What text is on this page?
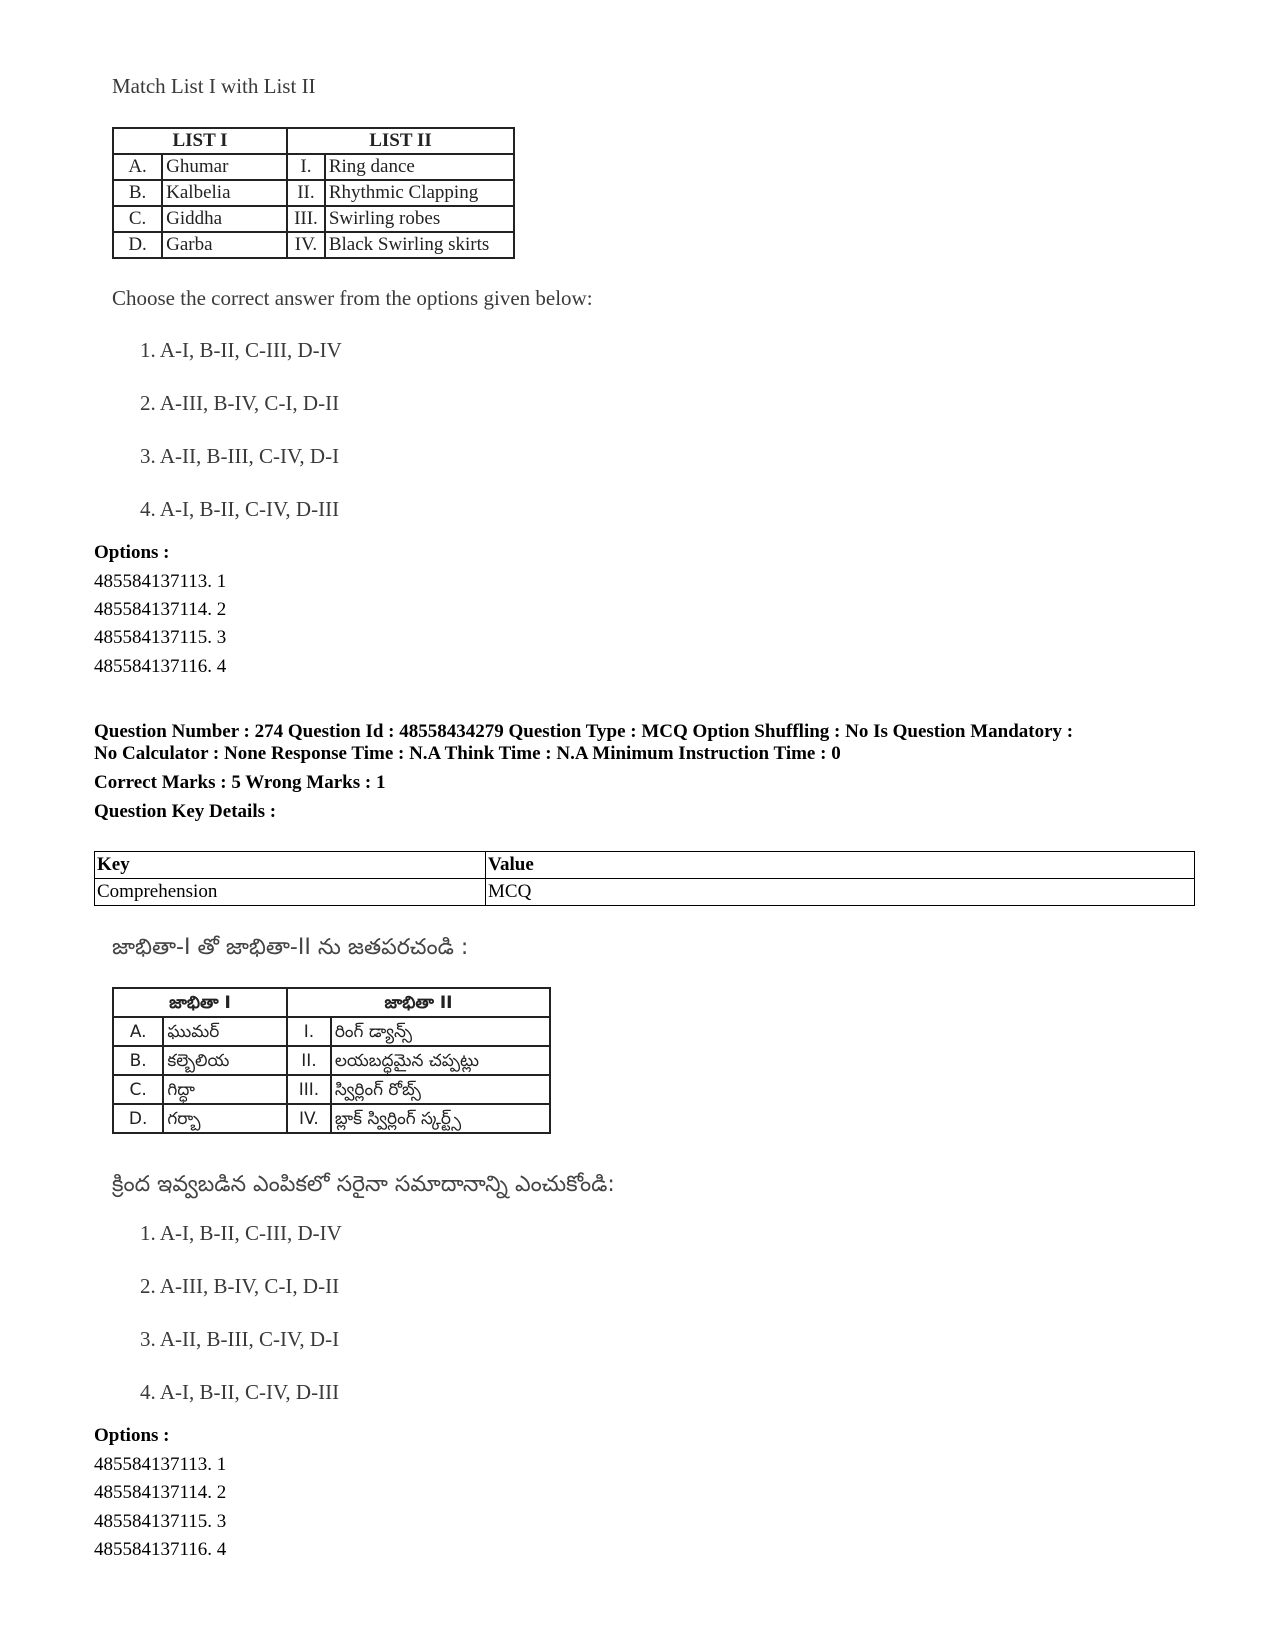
Match List I with List II
LIST I		LIST II	
A.	Ghumar	I.	Ring dance
B.	Kalbelia	II.	Rhythmic Clapping
C.	Giddha	III.	Swirling robes
D.	Garba	IV.	Black Swirling skirts
Choose the correct answer from the options given below:
1. A-I, B-II, C-III, D-IV
2. A-III, B-IV, C-I, D-II
3. A-II, B-III, C-IV, D-I
4. A-I, B-II, C-IV, D-III
Options :
485584137113. 1
485584137114. 2
485584137115. 3
485584137116. 4
Question Number : 274 Question Id : 48558434279 Question Type : MCQ Option Shuffling : No Is Question Mandatory :
No Calculator : None Response Time : N.A Think Time : N.A Minimum Instruction Time : 0
Correct Marks : 5 Wrong Marks : 1
Question Key Details :
Key	Value
Comprehension	MCQ
జాభితా-I తో జాభితా-II ను జతపరచండి :
జాభితా I		జాభితా II	
A.	ఘుమర్	I.	రింగ్ డ్యాన్స్
B.	కల్బెలియ	II.	లయబద్ధమైన చప్పట్లు
C.	గిద్ధా	III.	స్విర్లింగ్ రోబ్స్
D.	గర్బా	IV.	బ్లాక్ స్విర్లింగ్ స్కర్ట్స్
క్రింద ఇవ్వబడిన ఎంపికలో సరైనా సమాదానాన్ని ఎంచుకోండి:
1. A-I, B-II, C-III, D-IV
2. A-III, B-IV, C-I, D-II
3. A-II, B-III, C-IV, D-I
4. A-I, B-II, C-IV, D-III
Options :
485584137113. 1
485584137114. 2
485584137115. 3
485584137116. 4
